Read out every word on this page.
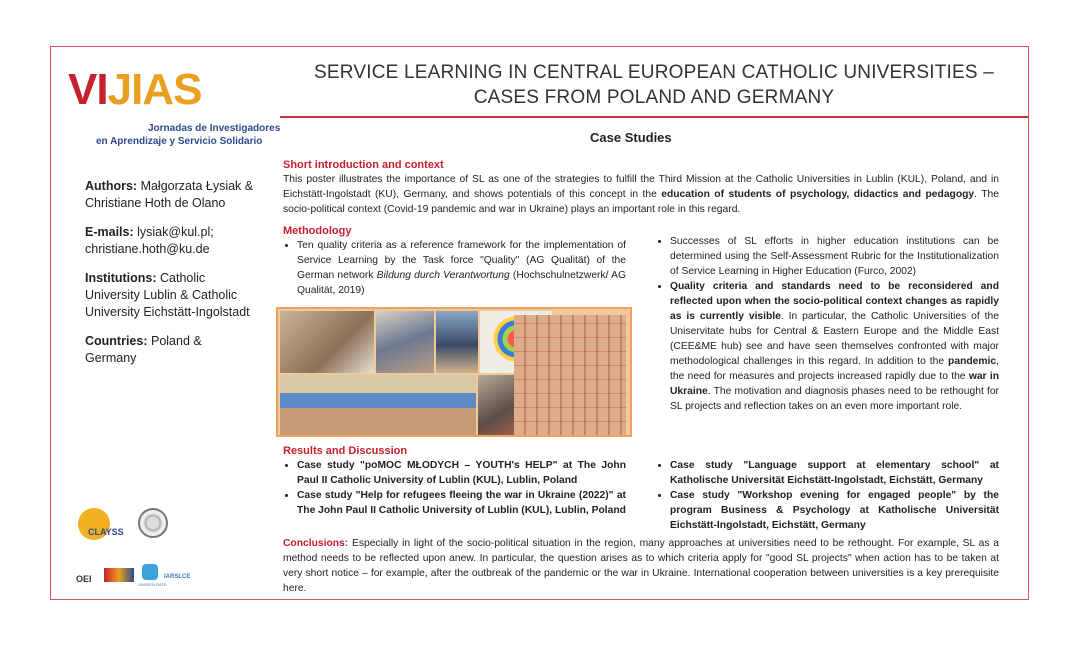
VIJIAS
Jornadas de Investigadores
en Aprendizaje y Servicio Solidario
SERVICE LEARNING IN CENTRAL EUROPEAN CATHOLIC UNIVERSITIES –
CASES FROM POLAND AND GERMANY
Case Studies
Authors: Małgorzata Łysiak & Christiane Hoth de Olano
E-mails: lysiak@kul.pl; christiane.hoth@ku.de
Institutions: Catholic University Lublin & Catholic University Eichstätt-Ingolstadt
Countries: Poland & Germany
Short introduction and context
This poster illustrates the importance of SL as one of the strategies to fulfill the Third Mission at the Catholic Universities in Lublin (KUL), Poland, and in Eichstätt-Ingolstadt (KU), Germany, and shows potentials of this concept in the education of students of psychology, didactics and pedagogy. The socio-political context (Covid-19 pandemic and war in Ukraine) plays an important role in this regard.
Methodology
• Ten quality criteria as a reference framework for the implementation of Service Learning by the Task force "Quality" (AG Qualität) of the German network Bildung durch Verantwortung (Hochschulnetzwerk/ AG Qualität, 2019)
• Successes of SL efforts in higher education institutions can be determined using the Self-Assessment Rubric for the Institutionalization of Service Learning in Higher Education (Furco, 2002)
• Quality criteria and standards need to be reconsidered and reflected upon when the socio-political context changes as rapidly as is currently visible. In particular, the Catholic Universities of the Uniservitate hubs for Central & Eastern Europe and the Middle East (CEE&ME hub) see and have seen themselves confronted with major methodological challenges in this regard. In addition to the pandemic, the need for measures and projects increased rapidly due to the war in Ukraine. The motivation and diagnosis phases need to be rethought for SL projects and reflection takes on an even more important role.
Results and Discussion
• Case study "poMOC MŁODYCH – YOUTH's HELP" at The John Paul II Catholic University of Lublin (KUL), Lublin, Poland
• Case study "Help for refugees fleeing the war in Ukraine (2022)" at The John Paul II Catholic University of Lublin (KUL), Lublin, Poland
• Case study "Language support at elementary school" at Katholische Universität Eichstätt-Ingolstadt, Eichstätt, Germany
• Case study "Workshop evening for engaged people" by the program Business & Psychology at Katholische Universität Eichstätt-Ingolstadt, Eichstätt, Germany
Conclusions: Especially in light of the socio-political situation in the region, many approaches at universities need to be rethought. For example, SL as a method needs to be reflected upon anew. In particular, the question arises as to which criteria apply for "good SL projects" when action has to be taken at very short notice – for example, after the outbreak of the pandemic or the war in Ukraine. International cooperation between universities is a key prerequisite here.
CLAYSS
OEI
UNISERVITATE
IARSLCE
